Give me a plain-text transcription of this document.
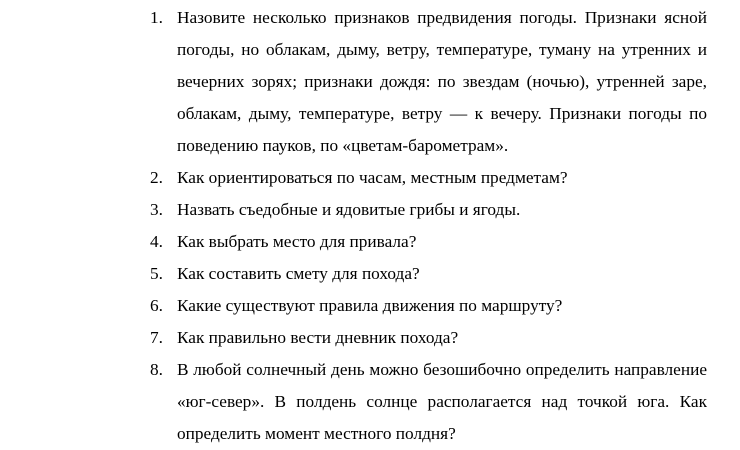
1. Назовите несколько признаков предвидения погоды. Признаки ясной погоды, но облакам, дыму, ветру, температуре, туману на утренних и вечерних зорях; признаки дождя: по звездам (ночью), утренней заре, облакам, дыму, температуре, ветру — к вечеру. Признаки погоды по поведению пауков, по «цветам-барометрам».
2. Как ориентироваться по часам, местным предметам?
3. Назвать съедобные и ядовитые грибы и ягоды.
4. Как выбрать место для привала?
5. Как составить смету для похода?
6. Какие существуют правила движения по маршруту?
7. Как правильно вести дневник похода?
8. В любой солнечный день можно безошибочно определить направление «юг-север». В полдень солнце располагается над точкой юга. Как определить момент местного полдня?
